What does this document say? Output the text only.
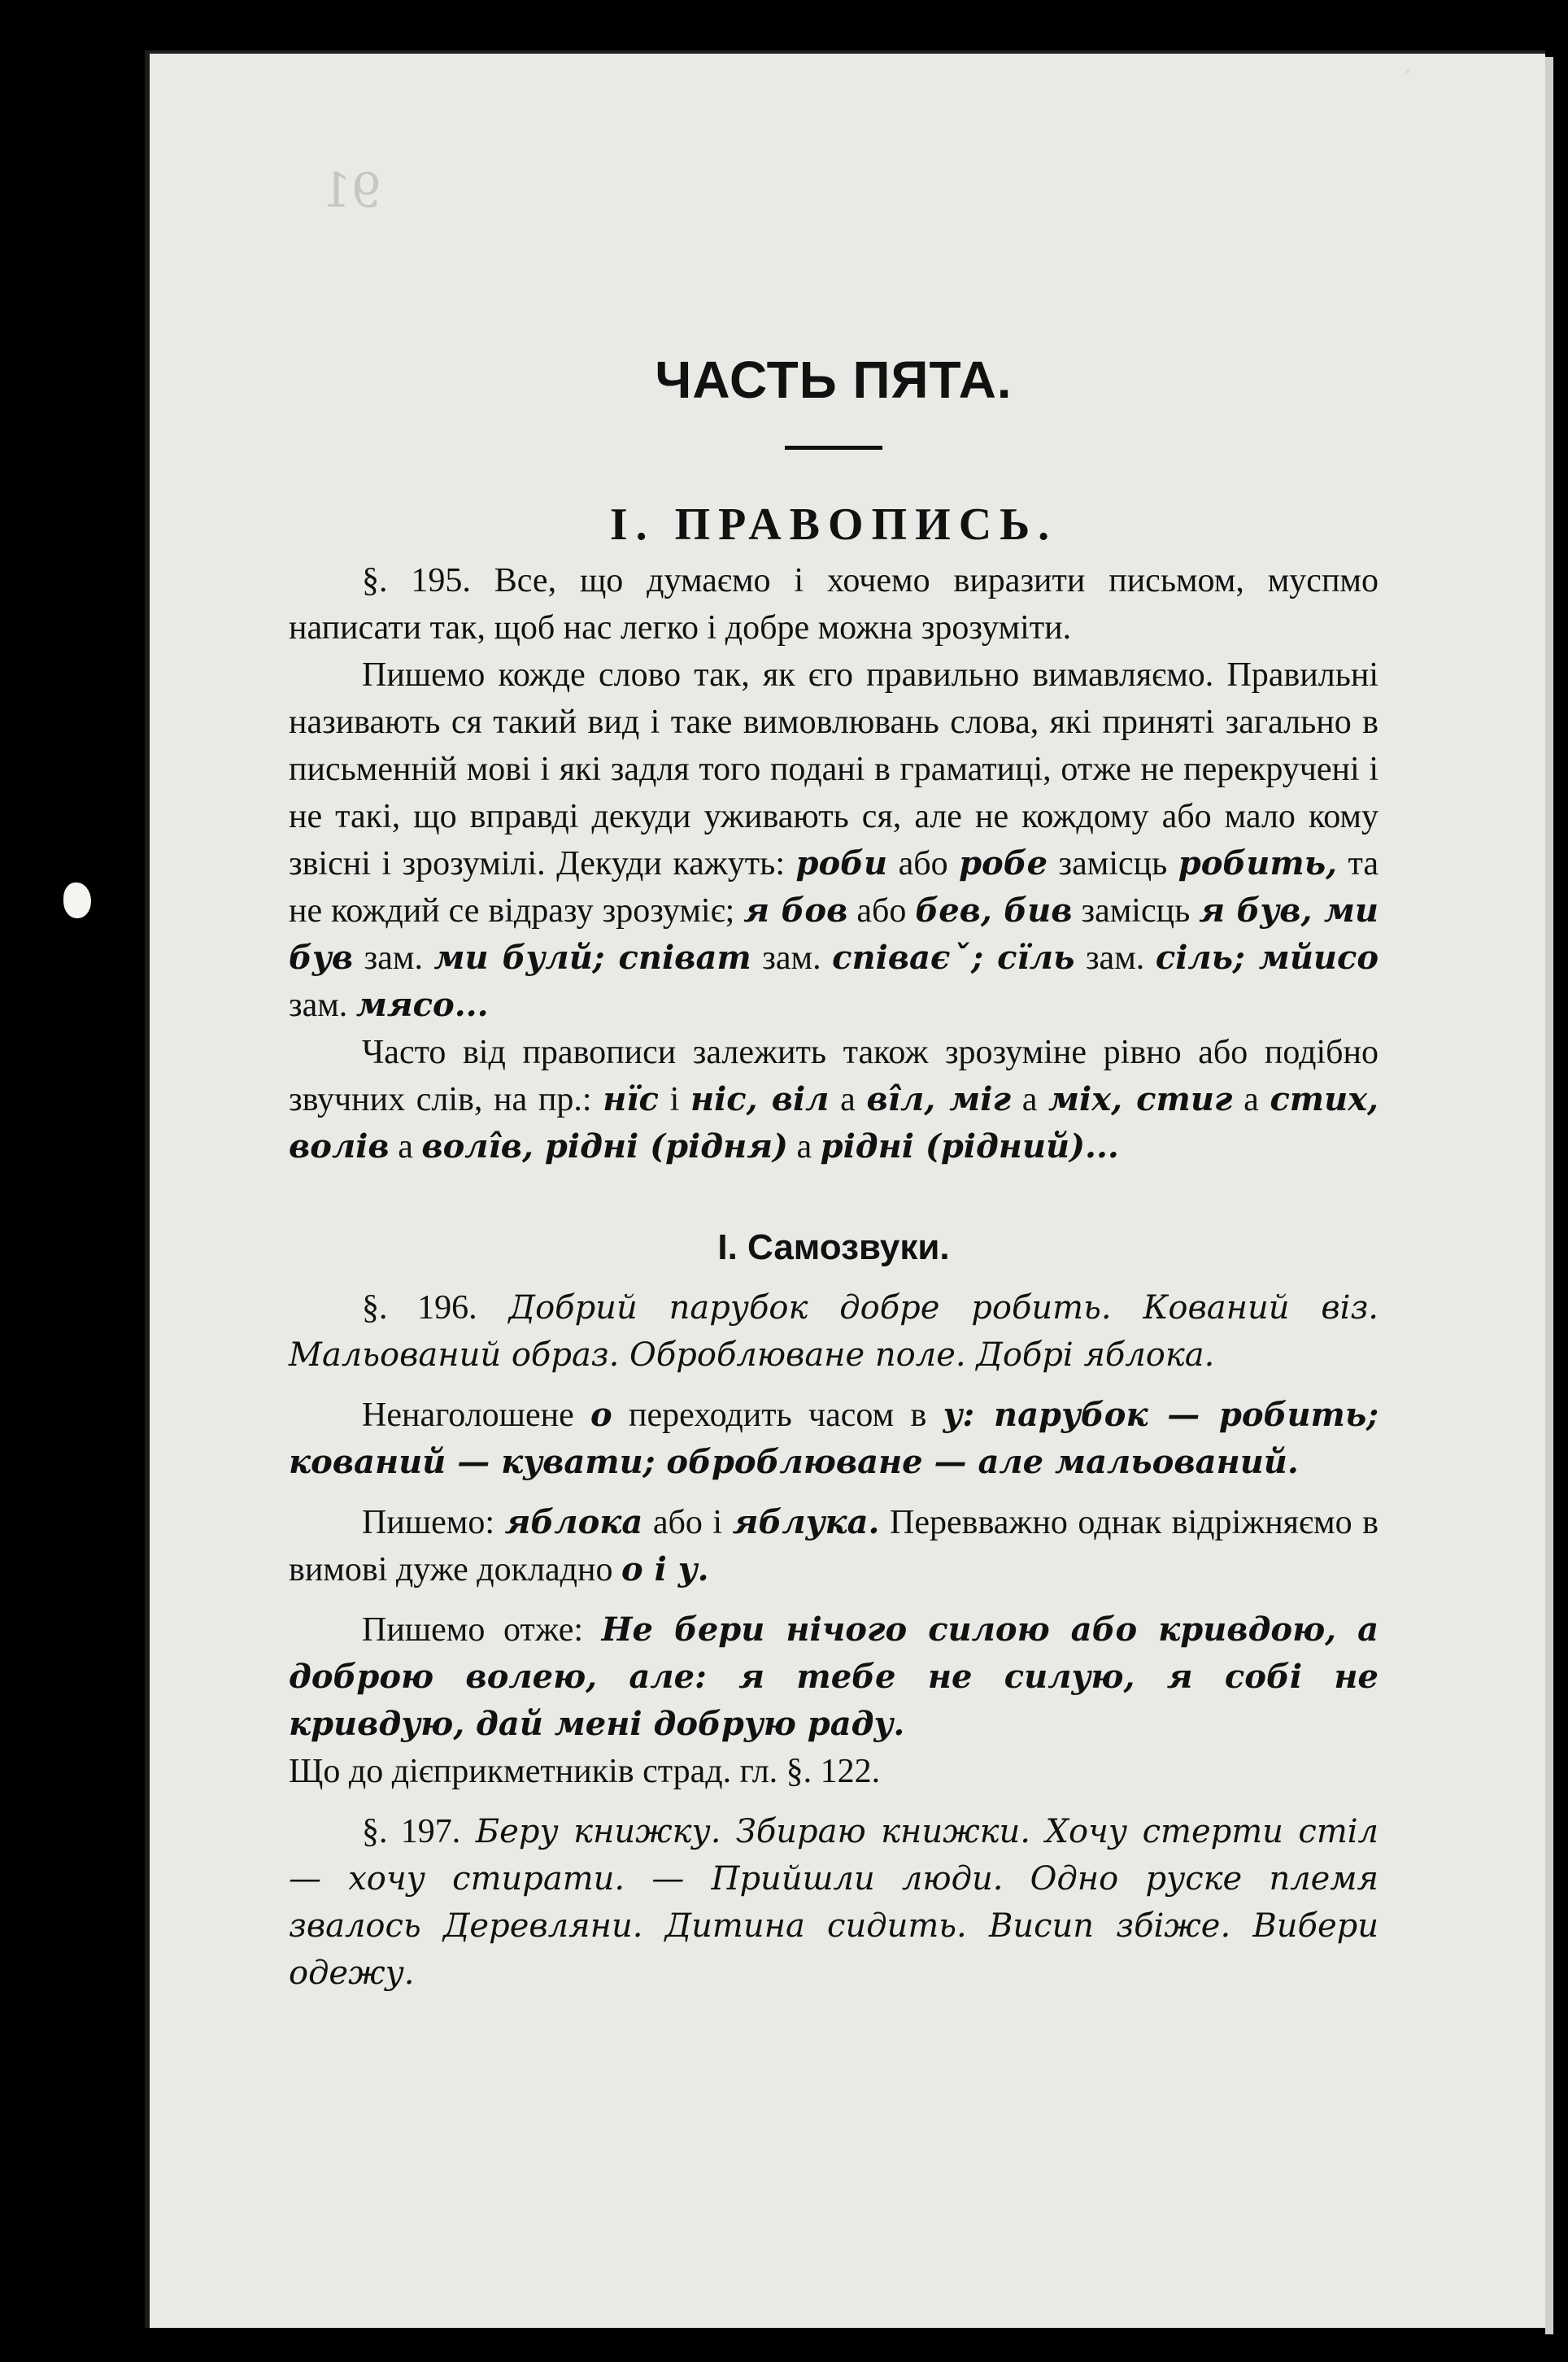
91
ЧАСТЬ ПЯТА.
I. ПРАВОПИСЬ.

§. 195. Все, що думаємо і хочемо виразити письмом, муспмо написати так, щоб нас легко і добре можна зрозуміти.

Пишемо кожде слово так, як єго правильно вимавляємо. Правильні називають ся такий вид і таке вимовлювань слова, які приняті загально в письменній мові і які задля того подані в граматиці, отже не перекручені і не такі, що вправді декуди уживають ся, але не кождому або мало кому звісні і зрозумілі. Декуди кажуть: роби або робе замісць робить, та не кождий се відразу зрозуміє; я бов або бев, бив замісць я був, ми був зам. ми булй; співат зам. співаєˇ; сїль зам. сіль; мйисо зам. мясо...

Часто від правописи залежить також зрозуміне рівно або подібно звучних слів, на пр.: нїс і ніс, віл а ві̂л, міг а міх, стиг а стих, волів а волі̂в, рідні (рідня) а рідні (рідний)...

I. Самозвуки.

§. 196. Добрий парубок добре робить. Кований віз. Мальований образ. Оброблюване поле. Добрі яблока.

Ненаголошене о переходить часом в у: парубок — робить; кований — кувати; оброблюване — але мальований.

Пишемо: яблока або і яблука. Перевважно однак відріжняємо в вимові дуже докладно о і у.

Пишемо отже: Не бери нічого силою або кривдою, а доброю волею, але: я тебе не силую, я собі не кривдую, дай мені добрую раду.

Що до дієприкметників страд. гл. §. 122.

§. 197. Беру книжку. Збираю книжки. Хочу стерти стіл — хочу стирати. — Прийшли люди. Одно руске племя звалось Деревляни. Дитина сидить. Висип збіже. Вибери одежу.
